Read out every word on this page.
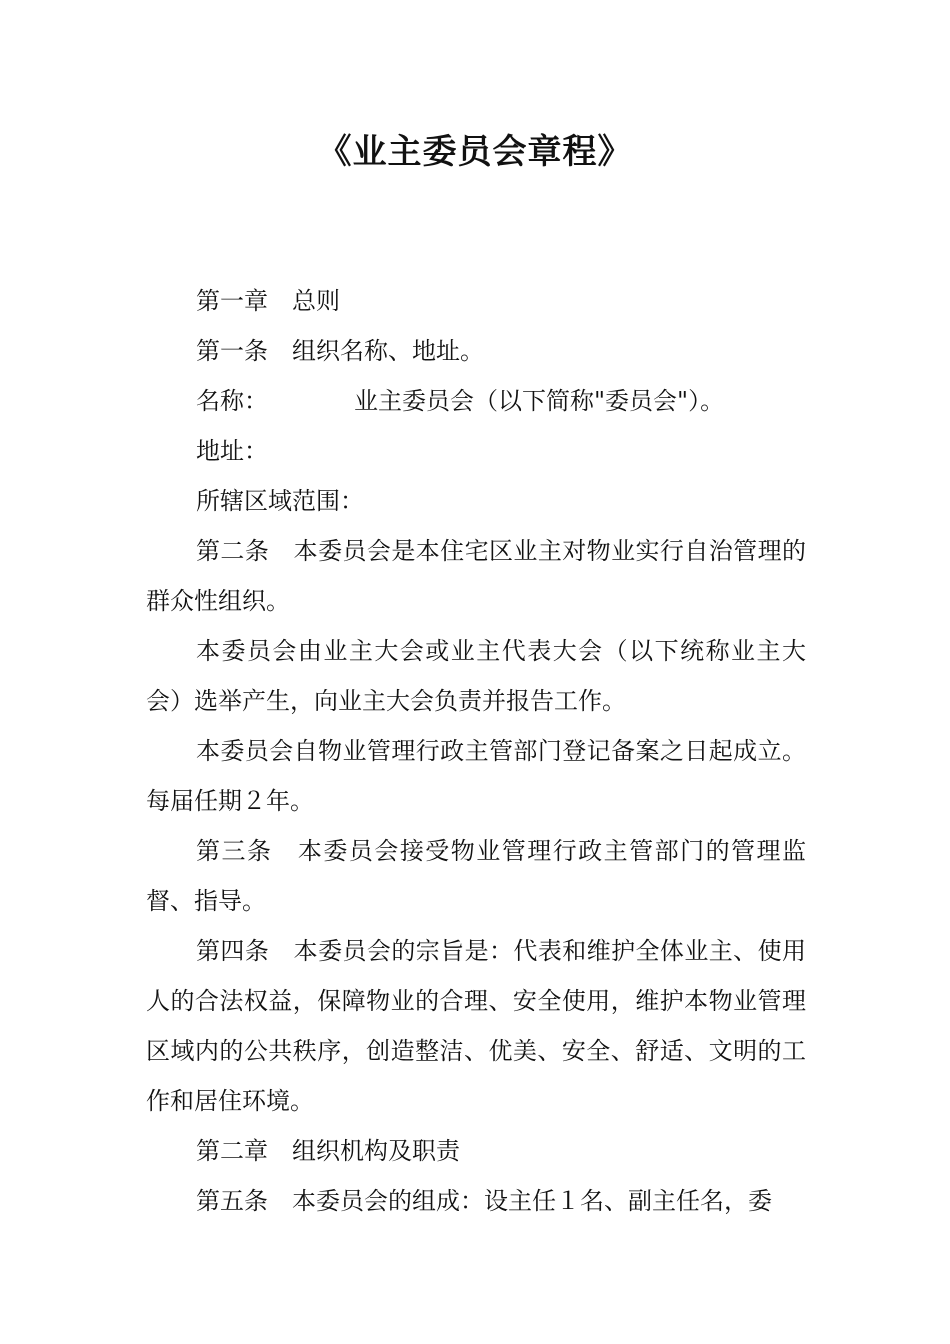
《业主委员会章程》

第一章 总则

第一条 组织名称、地址。

名称：	业主委员会（以下简称"委员会"）。

地址：

所辖区域范围：

第二条 本委员会是本住宅区业主对物业实行自治管理的群众性组织。

本委员会由业主大会或业主代表大会（以下统称业主大会）选举产生，向业主大会负责并报告工作。

本委员会自物业管理行政主管部门登记备案之日起成立。每届任期２年。

第三条 本委员会接受物业管理行政主管部门的管理监督、指导。

第四条 本委员会的宗旨是：代表和维护全体业主、使用人的合法权益，保障物业的合理、安全使用，维护本物业管理区域内的公共秩序，创造整洁、优美、安全、舒适、文明的工作和居住环境。

第二章 组织机构及职责

第五条 本委员会的组成：设主任１名、副主任名，委
